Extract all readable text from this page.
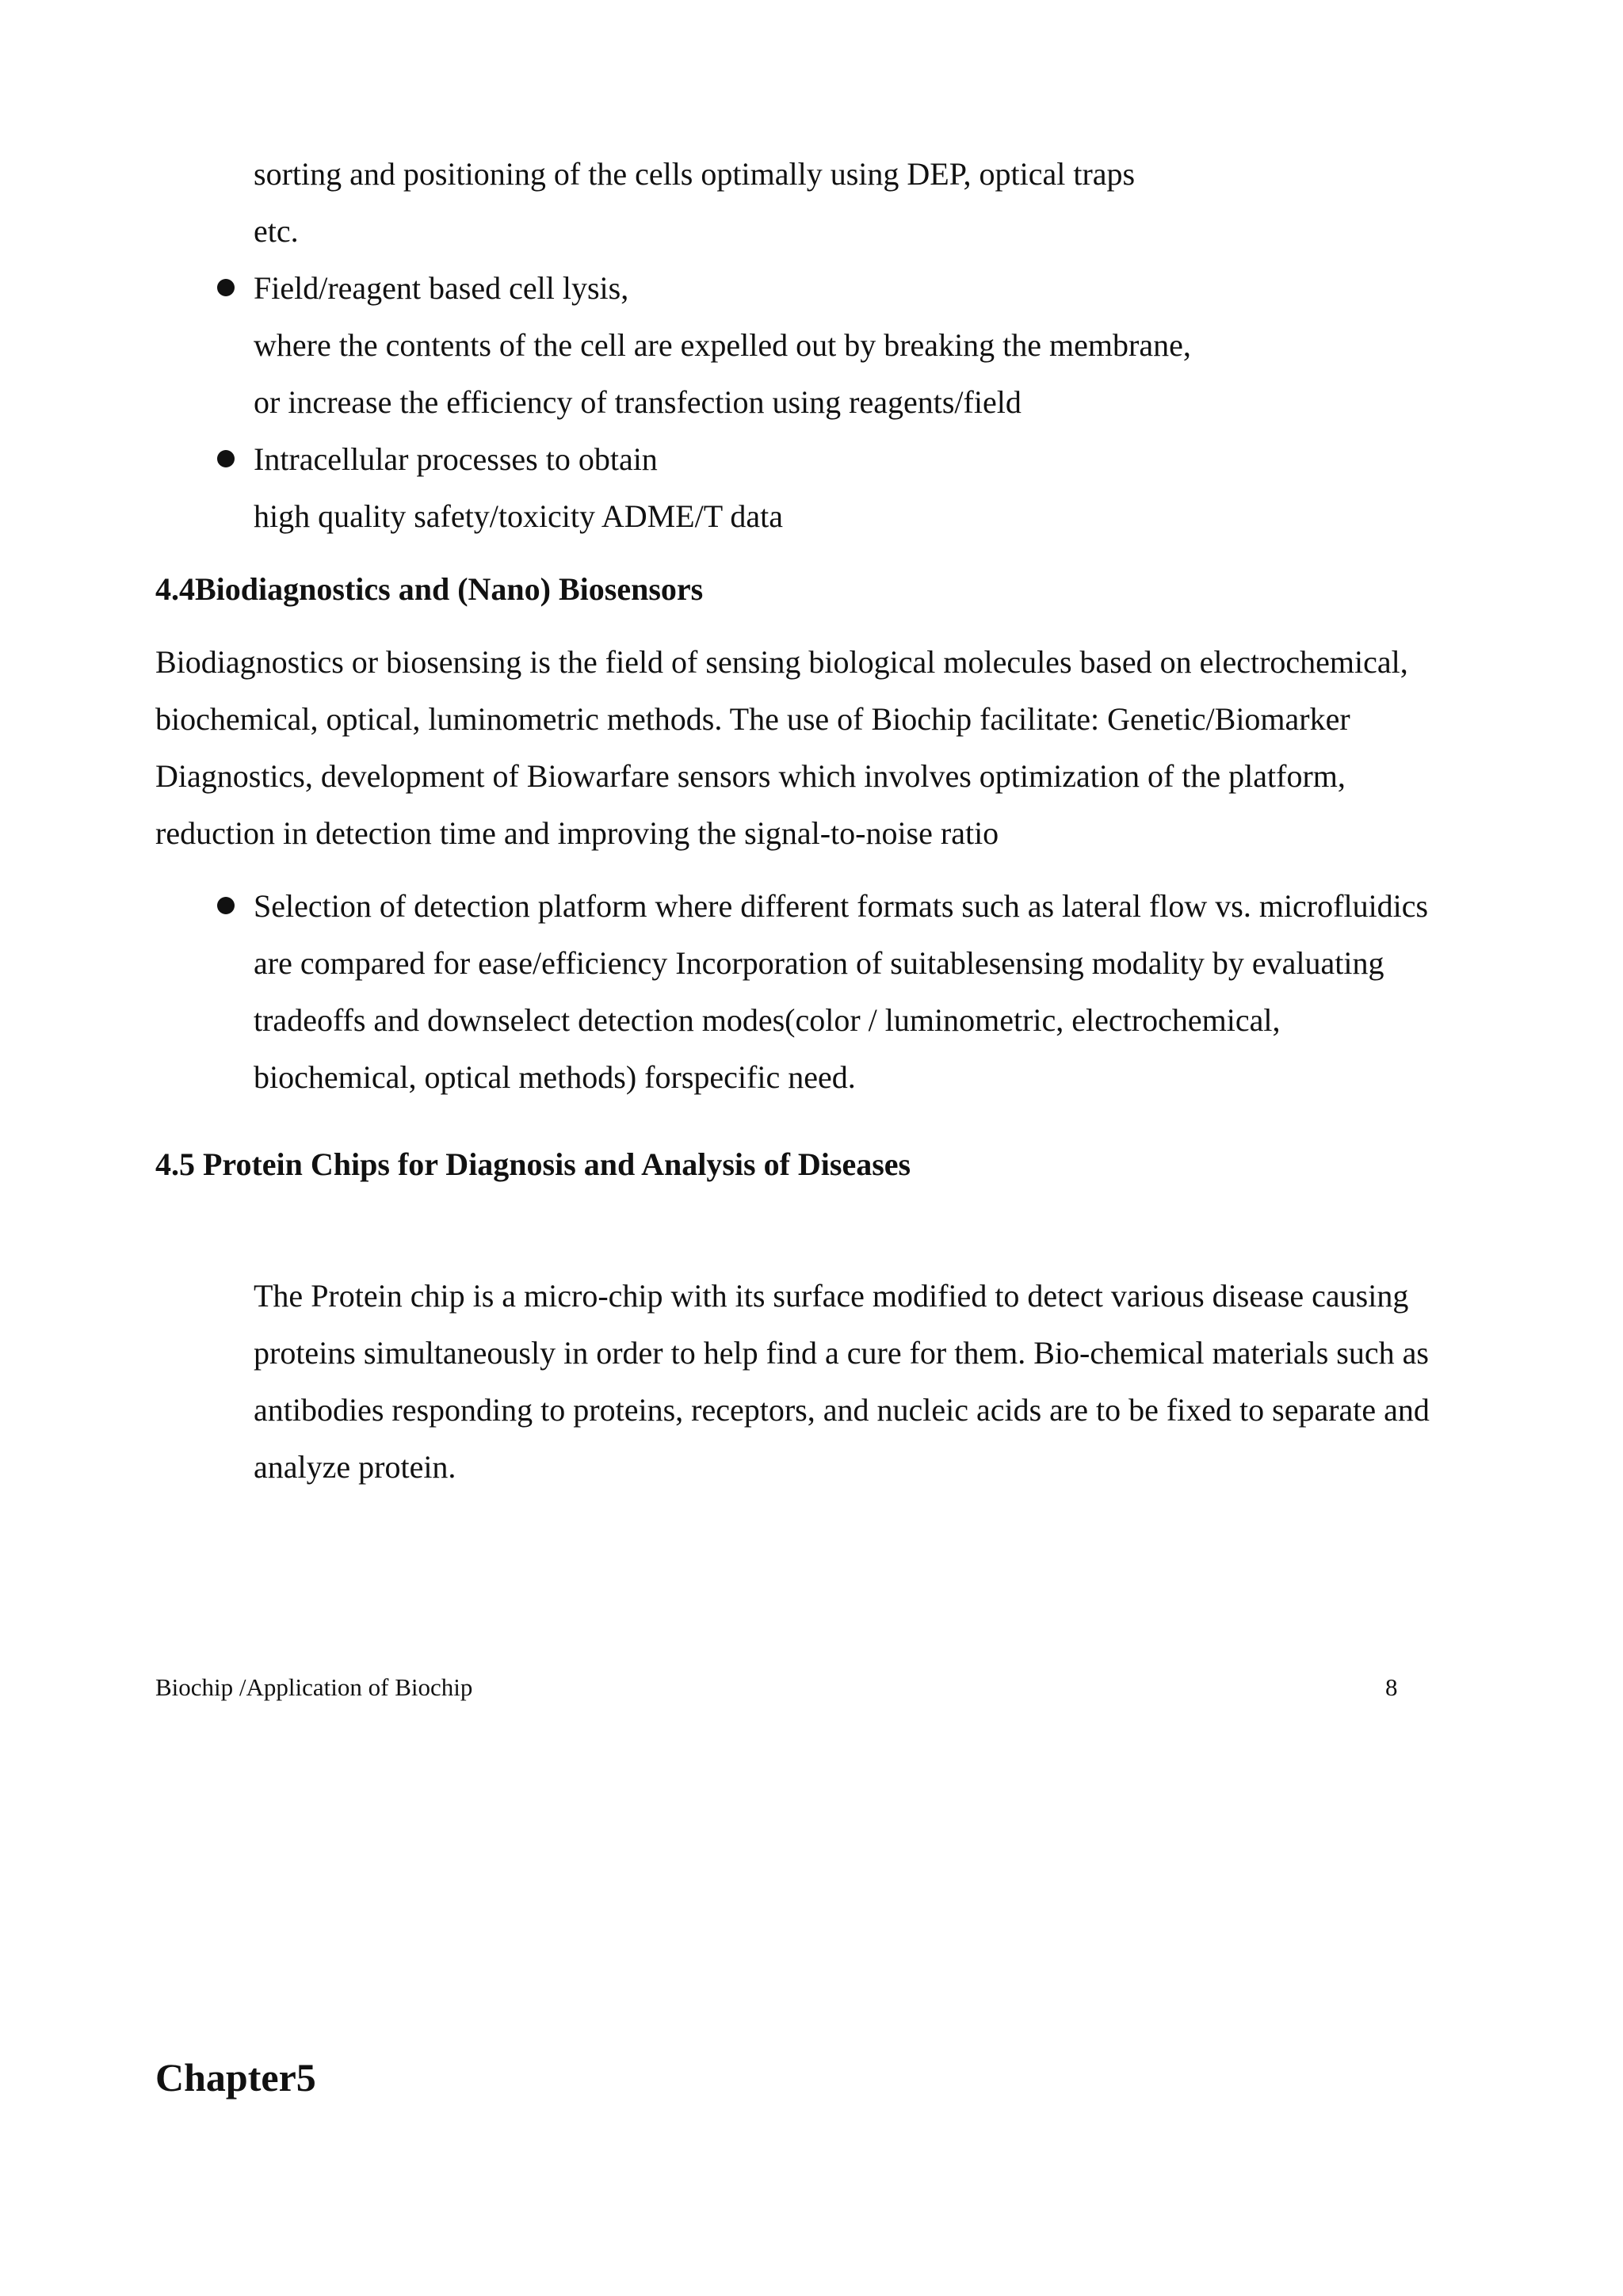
sorting and positioning of the cells optimally using DEP, optical traps
etc.
Field/reagent based cell lysis,
where the contents of the cell are expelled out by breaking the membrane,
or increase the efficiency of transfection using reagents/field
Intracellular processes to obtain
high quality safety/toxicity ADME/T data
4.4Biodiagnostics and (Nano) Biosensors
Biodiagnostics or biosensing is the field of sensing biological molecules based on electrochemical,
biochemical, optical, luminometric methods. The use of Biochip facilitate: Genetic/Biomarker
Diagnostics, development of Biowarfare sensors which involves optimization of the platform,
reduction in detection time and improving the signal-to-noise ratio
Selection of detection platform where different formats such as lateral flow vs. microfluidics
are compared for ease/efficiency Incorporation of suitablesensing modality by evaluating
tradeoffs and downselect detection modes(color / luminometric, electrochemical,
biochemical, optical methods) forspecific need.
4.5 Protein Chips for Diagnosis and Analysis of Diseases
The Protein chip is a micro-chip with its surface modified to detect various disease causing
proteins simultaneously in order to help find a cure for them. Bio-chemical materials such as
antibodies responding to proteins, receptors, and nucleic acids are to be fixed to separate and
analyze protein.
Biochip /Application of Biochip	8
Chapter5
